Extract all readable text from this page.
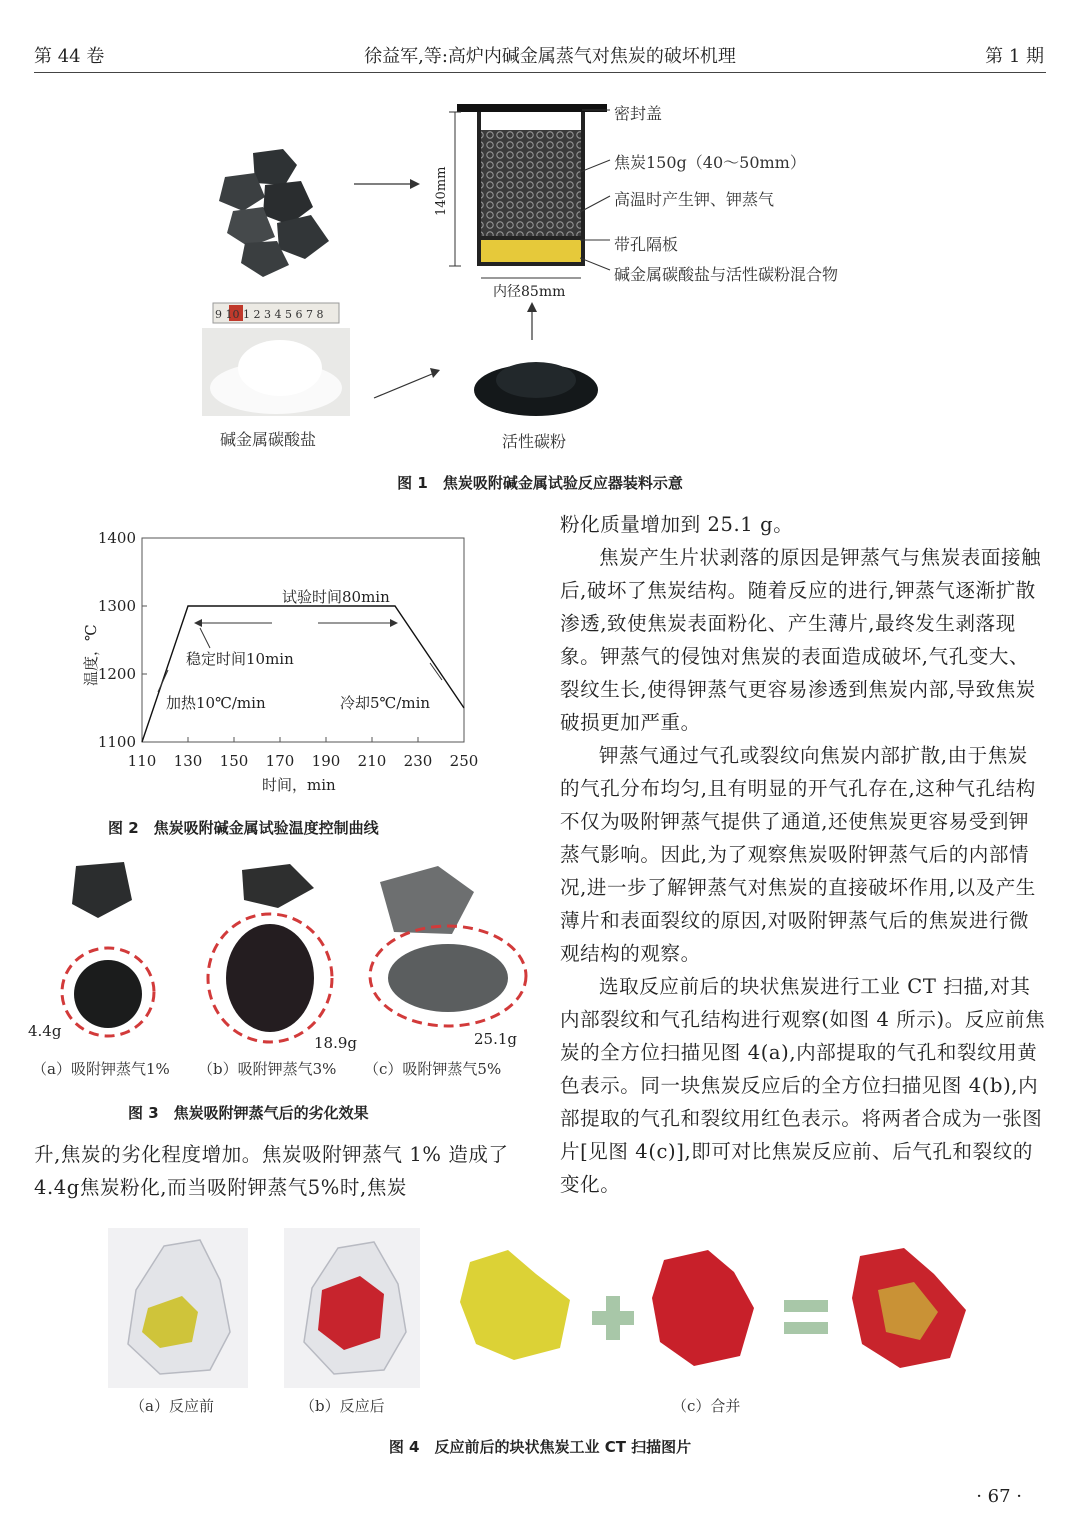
第 44 卷	徐益军,等:高炉内碱金属蒸气对焦炭的破坏机理	第 1 期
9 10 1 2 3 4 5 6 7 8
140mm
内径85mm
密封盖
焦炭150g（40～50mm）
高温时产生钾、钾蒸气
带孔隔板
碱金属碳酸盐与活性碳粉混合物
碱金属碳酸盐	活性碳粉
图 1　焦炭吸附碱金属试验反应器装料示意
1100
1200
1300
1400
110 130 150 170 190 210 230 250
试验时间80min
稳定时间10min
加热10℃/min	冷却5℃/min
温度，℃
时间，min
图 2　焦炭吸附碱金属试验温度控制曲线
4.4g
18.9g	25.1g
（a）吸附钾蒸气1% （b）吸附钾蒸气3% （c）吸附钾蒸气5%
图 3　焦炭吸附钾蒸气后的劣化效果

升,焦炭的劣化程度增加。焦炭吸附钾蒸气 1% 造成了4.4g焦炭粉化,而当吸附钾蒸气5%时,焦炭

粉化质量增加到 25.1 g。

焦炭产生片状剥落的原因是钾蒸气与焦炭表面接触后,破坏了焦炭结构。随着反应的进行,钾蒸气逐渐扩散渗透,致使焦炭表面粉化、产生薄片,最终发生剥落现象。钾蒸气的侵蚀对焦炭的表面造成破坏,气孔变大、裂纹生长,使得钾蒸气更容易渗透到焦炭内部,导致焦炭破损更加严重。

钾蒸气通过气孔或裂纹向焦炭内部扩散,由于焦炭的气孔分布均匀,且有明显的开气孔存在,这种气孔结构不仅为吸附钾蒸气提供了通道,还使焦炭更容易受到钾蒸气影响。因此,为了观察焦炭吸附钾蒸气后的内部情况,进一步了解钾蒸气对焦炭的直接破坏作用,以及产生薄片和表面裂纹的原因,对吸附钾蒸气后的焦炭进行微观结构的观察。

选取反应前后的块状焦炭进行工业 CT 扫描,对其内部裂纹和气孔结构进行观察(如图 4 所示)。反应前焦炭的全方位扫描见图 4(a),内部提取的气孔和裂纹用黄色表示。同一块焦炭反应后的全方位扫描见图 4(b),内部提取的气孔和裂纹用红色表示。将两者合成为一张图片[见图 4(c)],即可对比焦炭反应前、后气孔和裂纹的变化。

（a）反应前	（b）反应后	（c）合并
图 4　反应前后的块状焦炭工业 CT 扫描图片
· 67 ·
